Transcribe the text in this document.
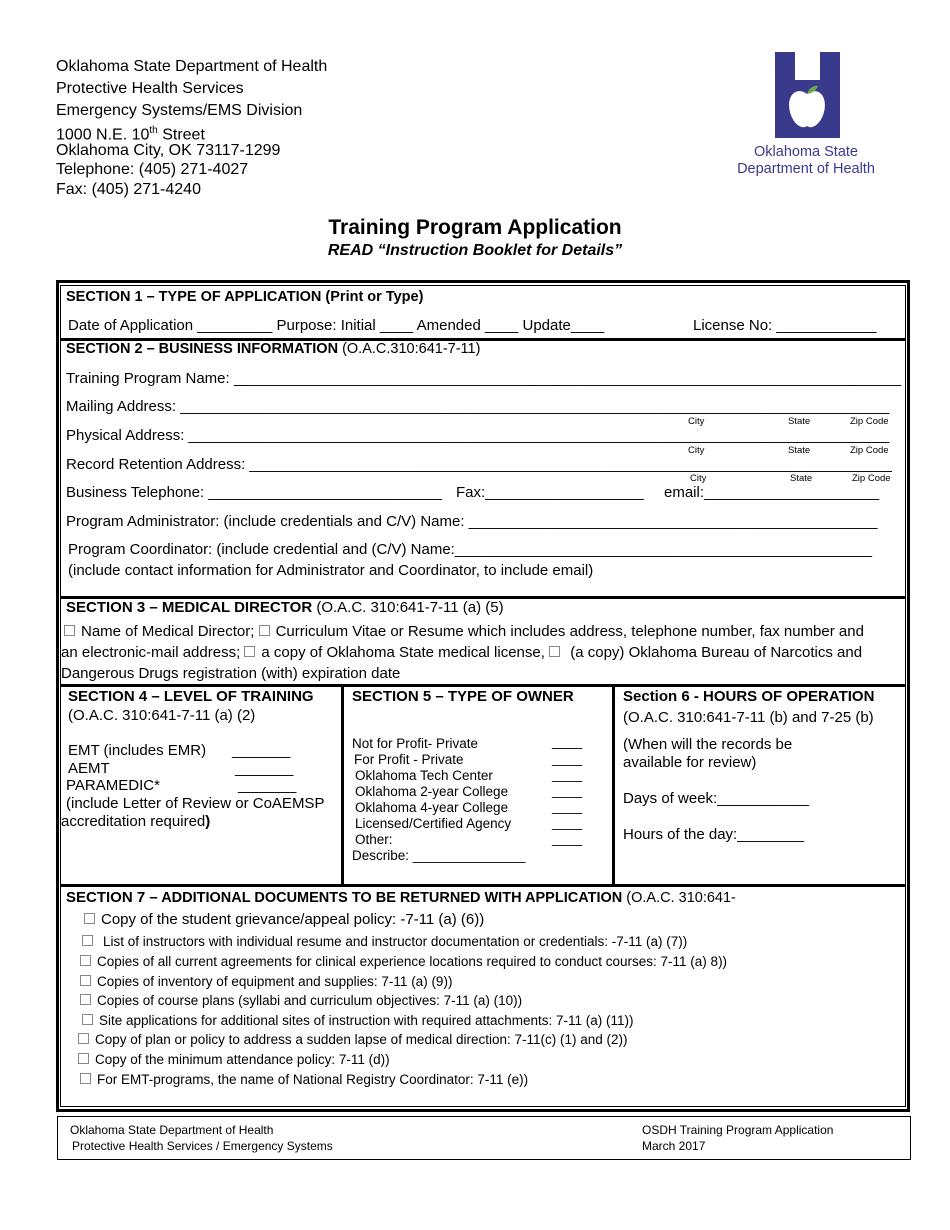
Oklahoma State Department of Health
Protective Health Services
Emergency Systems/EMS Division
1000 N.E. 10th Street
Oklahoma City, OK 73117-1299
Telephone: (405) 271-4027
Fax: (405) 271-4240
Oklahoma State
Department of Health
Training Program Application
READ “Instruction Booklet for Details”
SECTION 1 – TYPE OF APPLICATION (Print or Type)
Date of Application _________ Purpose: Initial ____ Amended ____ Update____	License No: ____________
SECTION 2 – BUSINESS INFORMATION (O.A.C.310:641-7-11)
Training Program Name: ________________________________________________________________________________
Mailing Address: _____________________________________________________________________________________
City	State	Zip Code
Physical Address: ____________________________________________________________________________________
City	State	Zip Code
Record Retention Address: _____________________________________________________________________________
City	State	Zip Code
Business Telephone: ____________________________ Fax:___________________ email:_____________________
Program Administrator: (include credentials and C/V) Name: _________________________________________________
Program Coordinator: (include credential and (C/V) Name:__________________________________________________
(include contact information for Administrator and Coordinator, to include email)
SECTION 3 – MEDICAL DIRECTOR (O.A.C. 310:641-7-11 (a) (5)
Name of Medical Director; Curriculum Vitae or Resume which includes address, telephone number, fax number and
an electronic-mail address; a copy of Oklahoma State medical license,  (a copy) Oklahoma Bureau of Narcotics and
Dangerous Drugs registration (with) expiration date
SECTION 4 – LEVEL OF TRAINING
(O.A.C. 310:641-7-11 (a) (2)
EMT (includes EMR) _______
AEMT	_______
PARAMEDIC*	_______
(include Letter of Review or CoAEMSP
accreditation required)
SECTION 5 – TYPE OF OWNER
Not for Profit- Private	____
For Profit - Private	____
Oklahoma Tech Center	____
Oklahoma 2-year College	____
Oklahoma 4-year College	____
Licensed/Certified Agency	____
Other:	____
Describe: _______________
Section 6 - HOURS OF OPERATION
(O.A.C. 310:641-7-11 (b) and 7-25 (b)
(When will the records be
available for review)
Days of week:___________
Hours of the day:________
SECTION 7 – ADDITIONAL DOCUMENTS TO BE RETURNED WITH APPLICATION (O.A.C. 310:641-
Copy of the student grievance/appeal policy: -7-11 (a) (6))
List of instructors with individual resume and instructor documentation or credentials: -7-11 (a) (7))
Copies of all current agreements for clinical experience locations required to conduct courses: 7-11 (a) 8))
Copies of inventory of equipment and supplies: 7-11 (a) (9))
Copies of course plans (syllabi and curriculum objectives: 7-11 (a) (10))
Site applications for additional sites of instruction with required attachments: 7-11 (a) (11))
Copy of plan or policy to address a sudden lapse of medical direction: 7-11(c) (1) and (2))
Copy of the minimum attendance policy: 7-11 (d))
For EMT-programs, the name of National Registry Coordinator: 7-11 (e))
Oklahoma State Department of Health
Protective Health Services / Emergency Systems
OSDH Training Program Application
March 2017
